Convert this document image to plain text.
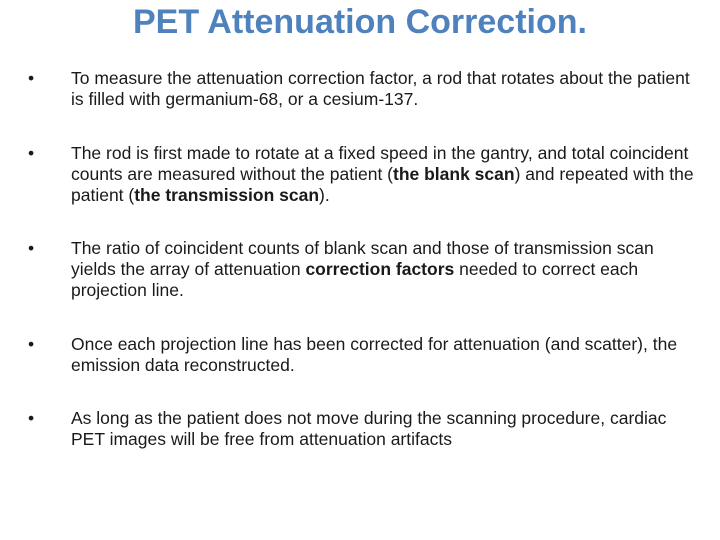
PET Attenuation Correction.
• To measure the attenuation correction factor, a rod that rotates about the patient is filled with germanium-68, or a cesium-137.
• The rod is first made to rotate at a fixed speed in the gantry, and total coincident counts are measured without the patient (the blank scan) and repeated with the patient (the transmission scan).
• The ratio of coincident counts of blank scan and those of transmission scan yields the array of attenuation correction factors needed to correct each projection line.
• Once each projection line has been corrected for attenuation (and scatter), the emission data reconstructed.
• As long as the patient does not move during the scanning procedure, cardiac PET images will be free from attenuation artifacts
